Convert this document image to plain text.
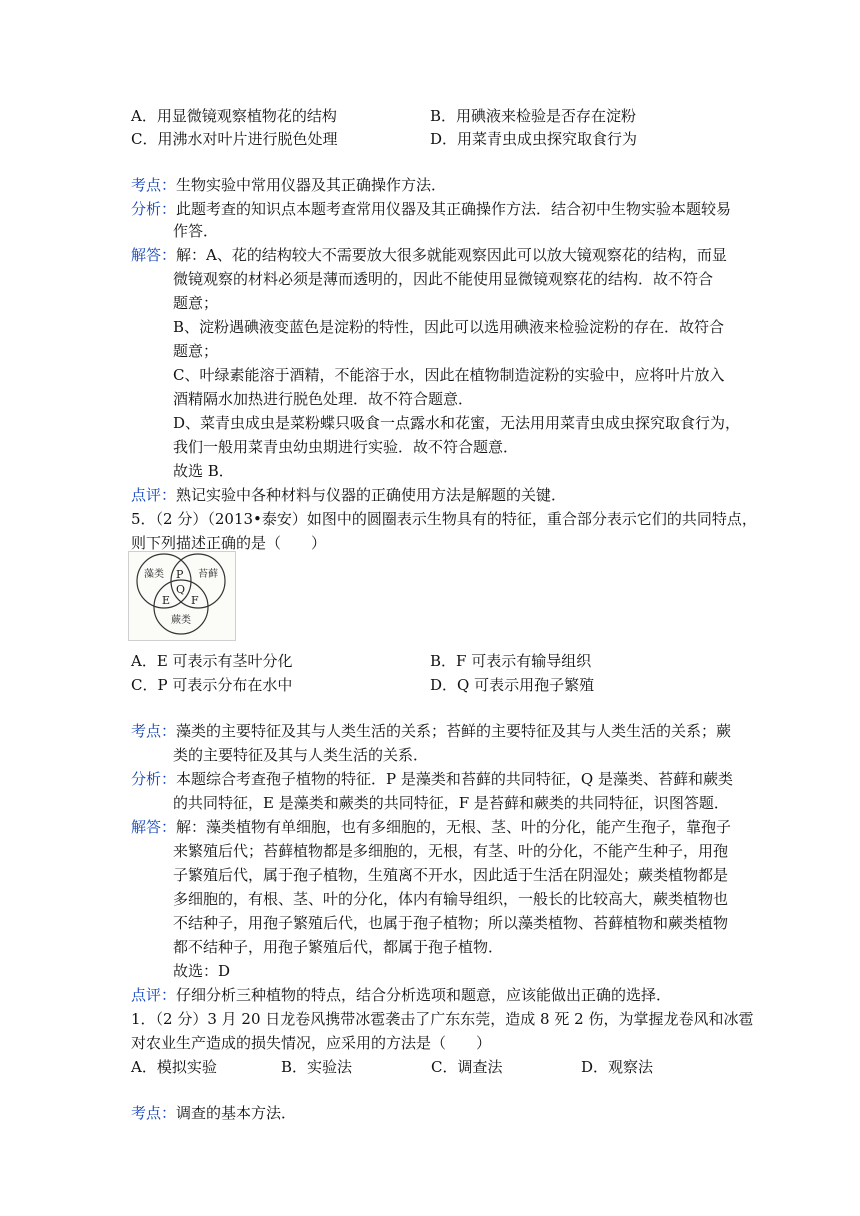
A．用显微镜观察植物花的结构	B．用碘液来检验是否存在淀粉
C．用沸水对叶片进行脱色处理	D．用菜青虫成虫探究取食行为
考点：生物实验中常用仪器及其正确操作方法．
分析：此题考查的知识点本题考查常用仪器及其正确操作方法．结合初中生物实验本题较易
作答．
解答：解：A、花的结构较大不需要放大很多就能观察因此可以放大镜观察花的结构，而显
微镜观察的材料必须是薄而透明的，因此不能使用显微镜观察花的结构．故不符合
题意；
B、淀粉遇碘液变蓝色是淀粉的特性，因此可以选用碘液来检验淀粉的存在．故符合
题意；
C、叶绿素能溶于酒精，不能溶于水，因此在植物制造淀粉的实验中，应将叶片放入
酒精隔水加热进行脱色处理．故不符合题意．
D、菜青虫成虫是菜粉蝶只吸食一点露水和花蜜，无法用用菜青虫成虫探究取食行为，
我们一般用菜青虫幼虫期进行实验．故不符合题意．
故选 B．
点评：熟记实验中各种材料与仪器的正确使用方法是解题的关键．
5．（2 分）（2013•泰安）如图中的圆圈表示生物具有的特征，重合部分表示它们的共同特点，
则下列描述正确的是（　　）
藻类	苔藓
蕨类
P
Q
E F
A．E 可表示有茎叶分化	B．F 可表示有输导组织
C．P 可表示分布在水中	D．Q 可表示用孢子繁殖
考点：藻类的主要特征及其与人类生活的关系；苔鲜的主要特征及其与人类生活的关系；蕨
类的主要特征及其与人类生活的关系．
分析：本题综合考查孢子植物的特征．P 是藻类和苔藓的共同特征，Q 是藻类、苔藓和蕨类
的共同特征，E 是藻类和蕨类的共同特征，F 是苔藓和蕨类的共同特征，识图答题．
解答：解：藻类植物有单细胞，也有多细胞的，无根、茎、叶的分化，能产生孢子，靠孢子
来繁殖后代；苔藓植物都是多细胞的，无根，有茎、叶的分化，不能产生种子，用孢
子繁殖后代，属于孢子植物，生殖离不开水，因此适于生活在阴湿处；蕨类植物都是
多细胞的，有根、茎、叶的分化，体内有输导组织，一般长的比较高大，蕨类植物也
不结种子，用孢子繁殖后代，也属于孢子植物；所以藻类植物、苔藓植物和蕨类植物
都不结种子，用孢子繁殖后代，都属于孢子植物．
故选：D
点评：仔细分析三种植物的特点，结合分析选项和题意，应该能做出正确的选择．
1．（2 分）3 月 20 日龙卷风携带冰雹袭击了广东东莞，造成 8 死 2 伤，为掌握龙卷风和冰雹
对农业生产造成的损失情况，应采用的方法是（　　）
A．模拟实验	B．实验法	C．调查法	D．观察法
考点：调查的基本方法．
